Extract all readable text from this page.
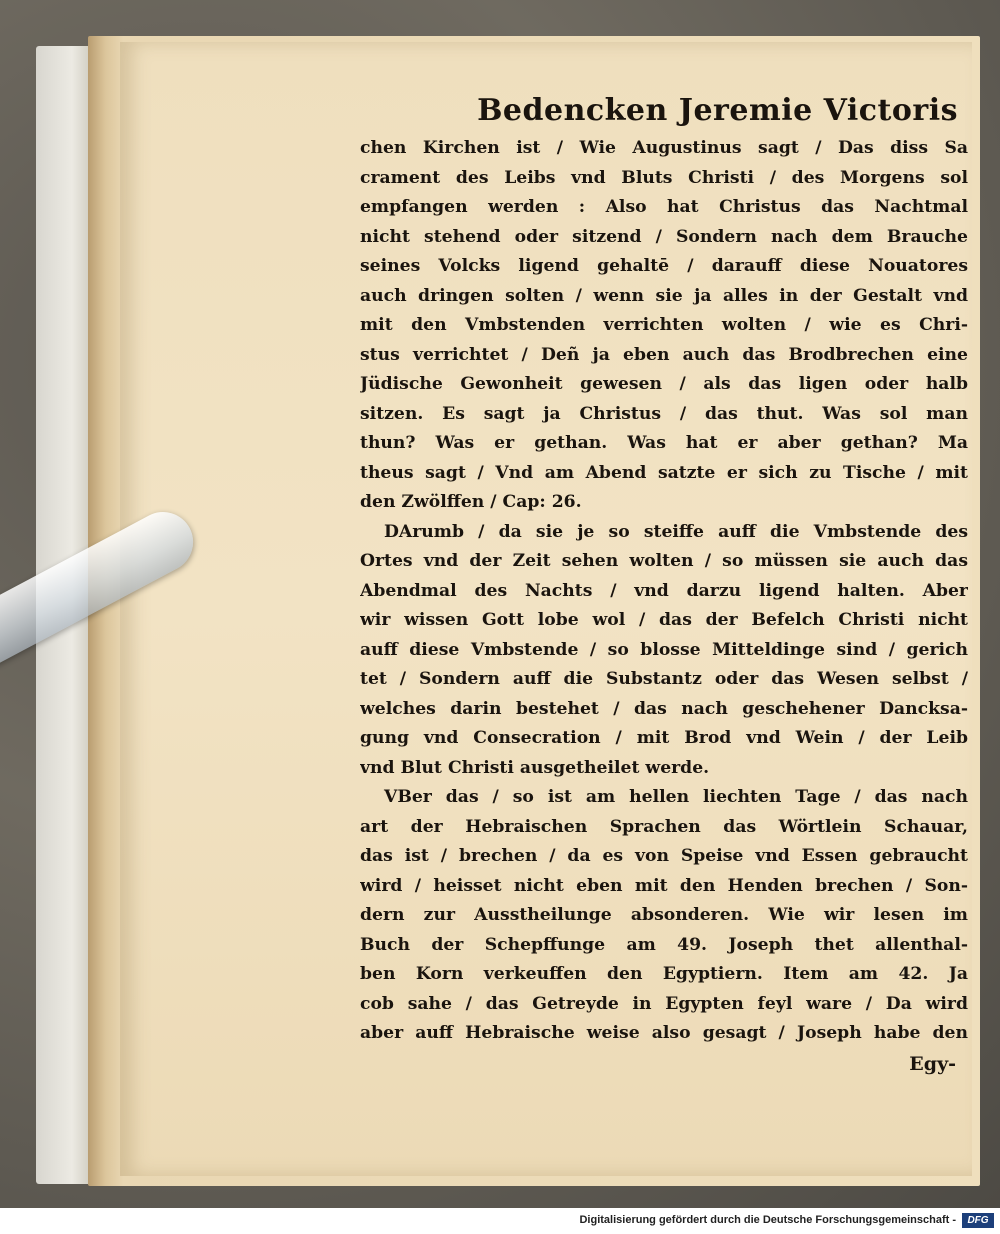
Bedencken Jeremie Victoris
chen Kirchen ist / Wie Augustinus sagt / Das diss Sa
crament des Leibs vnd Bluts Christi / des Morgens sol
empfangen werden : Also hat Christus das Nachtmal
nicht stehend oder sitzend / Sondern nach dem Brauche
seines Volcks ligend gehaltē / darauff diese Nouatores
auch dringen solten / wenn sie ja alles in der Gestalt vnd
mit den Vmbstenden verrichten wolten / wie es Chri-
stus verrichtet / Deñ ja eben auch das Brodbrechen eine
Jüdische Gewonheit gewesen / als das ligen oder halb
sitzen. Es sagt ja Christus / das thut. Was sol man
thun? Was er gethan. Was hat er aber gethan? Ma
theus sagt / Vnd am Abend satzte er sich zu Tische / mit
den Zwölffen / Cap: 26.
DArumb / da sie je so steiffe auff die Vmbstende des
Ortes vnd der Zeit sehen wolten / so müssen sie auch das
Abendmal des Nachts / vnd darzu ligend halten. Aber
wir wissen Gott lobe wol / das der Befelch Christi nicht
auff diese Vmbstende / so blosse Mitteldinge sind / gerich
tet / Sondern auff die Substantz oder das Wesen selbst /
welches darin bestehet / das nach geschehener Dancksa-
gung vnd Consecration / mit Brod vnd Wein / der Leib
vnd Blut Christi ausgetheilet werde.
VBer das / so ist am hellen liechten Tage / das nach
art der Hebraischen Sprachen das Wörtlein Schauar,
das ist / brechen / da es von Speise vnd Essen gebraucht
wird / heisset nicht eben mit den Henden brechen / Son-
dern zur Ausstheilunge absonderen. Wie wir lesen im
Buch der Schepffunge am 49. Joseph thet allenthal-
ben Korn verkeuffen den Egyptiern. Item am 42. Ja
cob sahe / das Getreyde in Egypten feyl ware / Da wird
aber auff Hebraische weise also gesagt / Joseph habe den
Egy-
Digitalisierung gefördert durch die Deutsche Forschungsgemeinschaft -	DFG
